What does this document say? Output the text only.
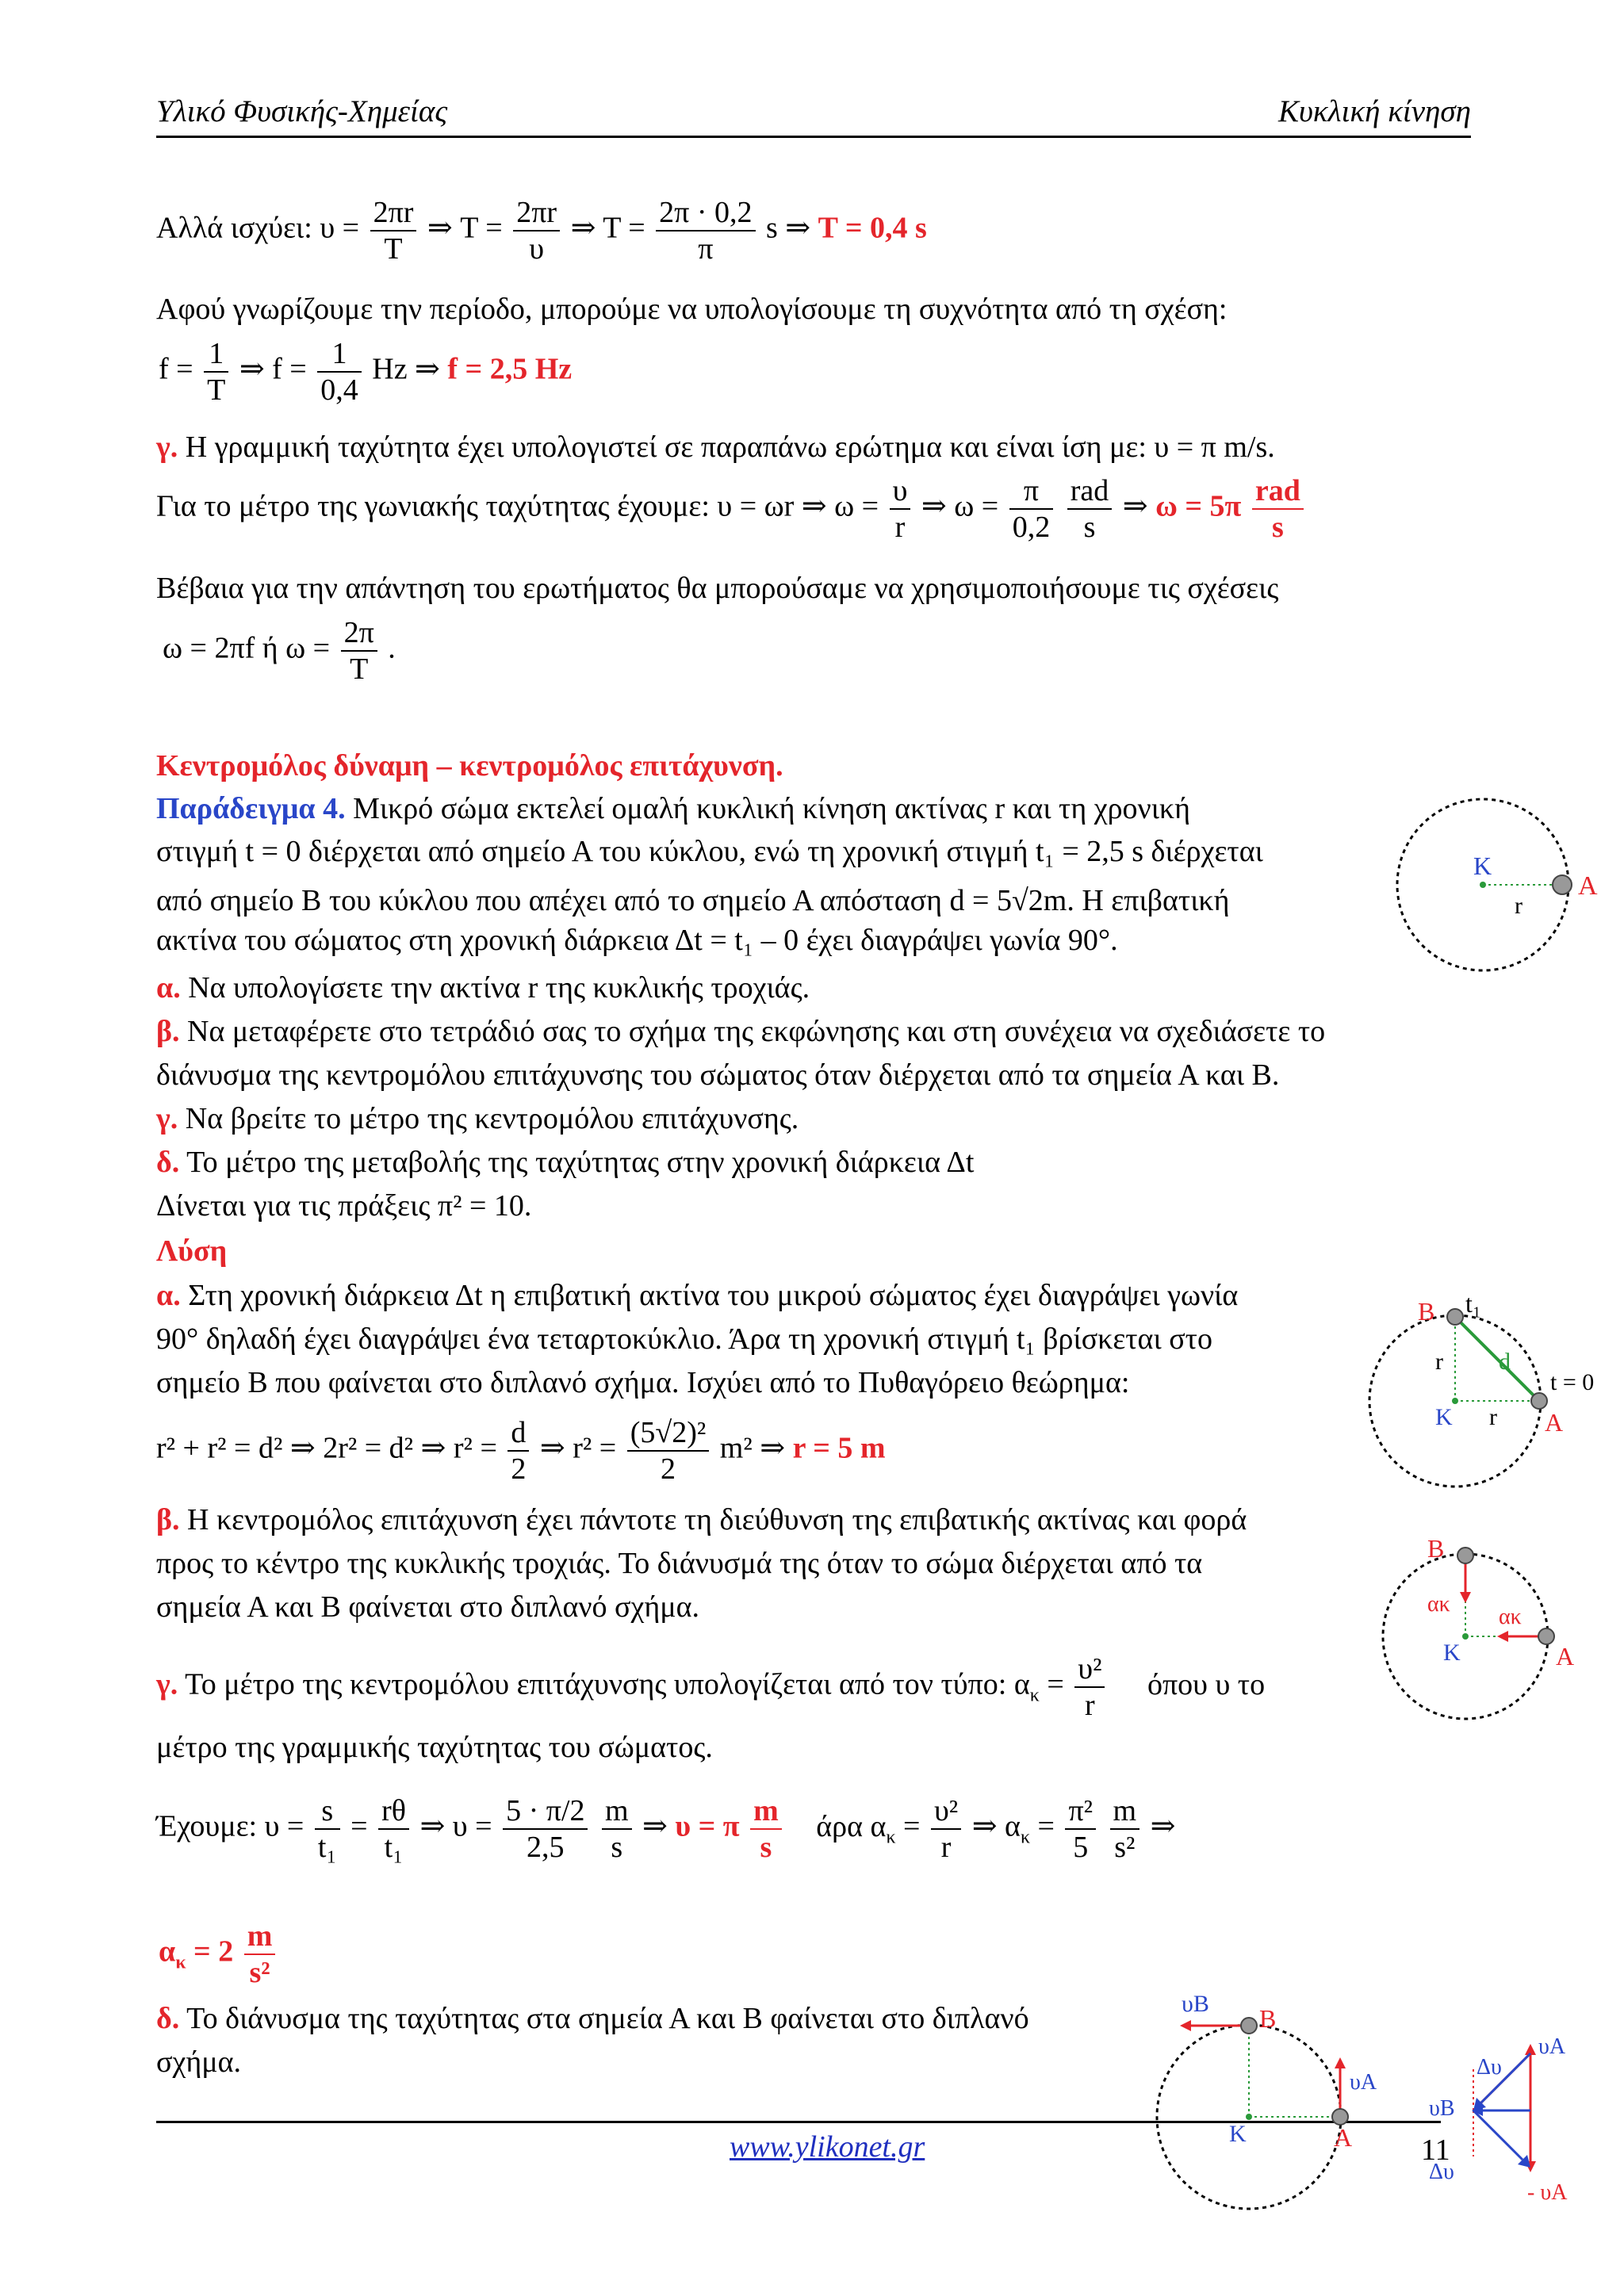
Υλικό Φυσικής-Χημείας	Κυκλική κίνηση
Αλλά ισχύει: $\upsilon = \frac{2\pi r}{T}$ ⇒ $T = \frac{2\pi r}{\upsilon}$ ⇒ $T = \frac{2\pi \cdot 0,2}{\pi}$ s ⇒ T = 0,4 s
Αφού γνωρίζουμε την περίοδο, μπορούμε να υπολογίσουμε τη συχνότητα από τη σχέση:
$f = \frac{1}{T}$ ⇒ $f = \frac{1}{0,4}$ Hz ⇒ f = 2,5 Hz
γ. Η γραμμική ταχύτητα έχει υπολογιστεί σε παραπάνω ερώτημα και είναι ίση με: υ = π m/s.
Για το μέτρο της γωνιακής ταχύτητας έχουμε: υ = ωr ⇒ $\omega = \frac{\upsilon}{r}$ ⇒ $\omega = \frac{\pi}{0,2}$
$\frac{\text{rad}}{s}$ ⇒ $\omega = 5\pi \frac{\text{rad}}{s}$
Βέβαια για την απάντηση του ερωτήματος θα μπορούσαμε να χρησιμοποιήσουμε τις σχέσεις
ω = 2πf ή $\omega = \frac{2\pi}{T}$ .
Κεντρομόλος δύναμη – κεντρομόλος επιτάχυνση.
Παράδειγμα 4. Μικρό σώμα εκτελεί ομαλή κυκλική κίνηση ακτίνας r και τη χρονική
στιγμή t = 0 διέρχεται από σημείο Α του κύκλου, ενώ τη χρονική στιγμή t₁ = 2,5 s διέρχεται
από σημείο Β του κύκλου που απέχει από το σημείο Α απόσταση d = 5√2m. Η επιβατική
ακτίνα του σώματος στη χρονική διάρκεια Δt = t₁ – 0 έχει διαγράψει γωνία 90°.
α. Να υπολογίσετε την ακτίνα r της κυκλικής τροχιάς.
β. Να μεταφέρετε στο τετράδιό σας το σχήμα της εκφώνησης και στη συνέχεια να σχεδιάσετε το
διάνυσμα της κεντρομόλου επιτάχυνσης του σώματος όταν διέρχεται από τα σημεία Α και Β.
γ. Να βρείτε το μέτρο της κεντρομόλου επιτάχυνσης.
δ. Το μέτρο της μεταβολής της ταχύτητας στην χρονική διάρκεια Δt
Δίνεται για τις πράξεις π² = 10.
Λύση
α. Στη χρονική διάρκεια Δt η επιβατική ακτίνα του μικρού σώματος έχει διαγράψει γωνία
90° δηλαδή έχει διαγράψει ένα τεταρτοκύκλιο. Άρα τη χρονική στιγμή t₁ βρίσκεται στο
σημείο Β που φαίνεται στο διπλανό σχήμα. Ισχύει από το Πυθαγόρειο θεώρημα:
r² + r² = d² ⇒ 2r² = d² ⇒ $r^2 = \frac{d}{2}$ ⇒ $r^2 = \frac{\text{(5√2)²}}{2} m^2$ ⇒ r = 5 m
β. Η κεντρομόλος επιτάχυνση έχει πάντοτε τη διεύθυνση της επιβατικής ακτίνας και φορά
προς το κέντρο της κυκλικής τροχιάς. Το διάνυσμά της όταν το σώμα διέρχεται από τα
σημεία Α και Β φαίνεται στο διπλανό σχήμα.
γ. Το μέτρο της κεντρομόλου επιτάχυνσης υπολογίζεται από τον τύπο: $\alpha_\kappa = \frac{\text{υ²}}{r}$ όπου υ το
μέτρο της γραμμικής ταχύτητας του σώματος.
Έχουμε: $\upsilon = \frac{s}{\text{t₁}} = \frac{r\theta}{\text{t₁}}$ ⇒ $\upsilon = \frac{5 \cdot \pi/2}{2,5}$
$\frac{m}{s}$ ⇒ υ = π $\frac{m}{s}$ άρα $\alpha_\kappa = \frac{\text{υ²}}{r}$ ⇒ $\alpha_\kappa = \frac{\text{π²}}{5}$
$\frac{m}{\text{s²}}$ ⇒
$\alpha_\kappa = 2 \frac{m}{\text{s²}}$
δ. Το διάνυσμα της ταχύτητας στα σημεία Α και Β φαίνεται στο διπλανό
σχήμα.
www.ylikonet.gr	11
K
r
A
B t₁
d
r
K r
t = 0
A
B
ακ
ακ
K	A
υB
B
υA
K	A
υA
Δυ
υB
Δυ
- υA
